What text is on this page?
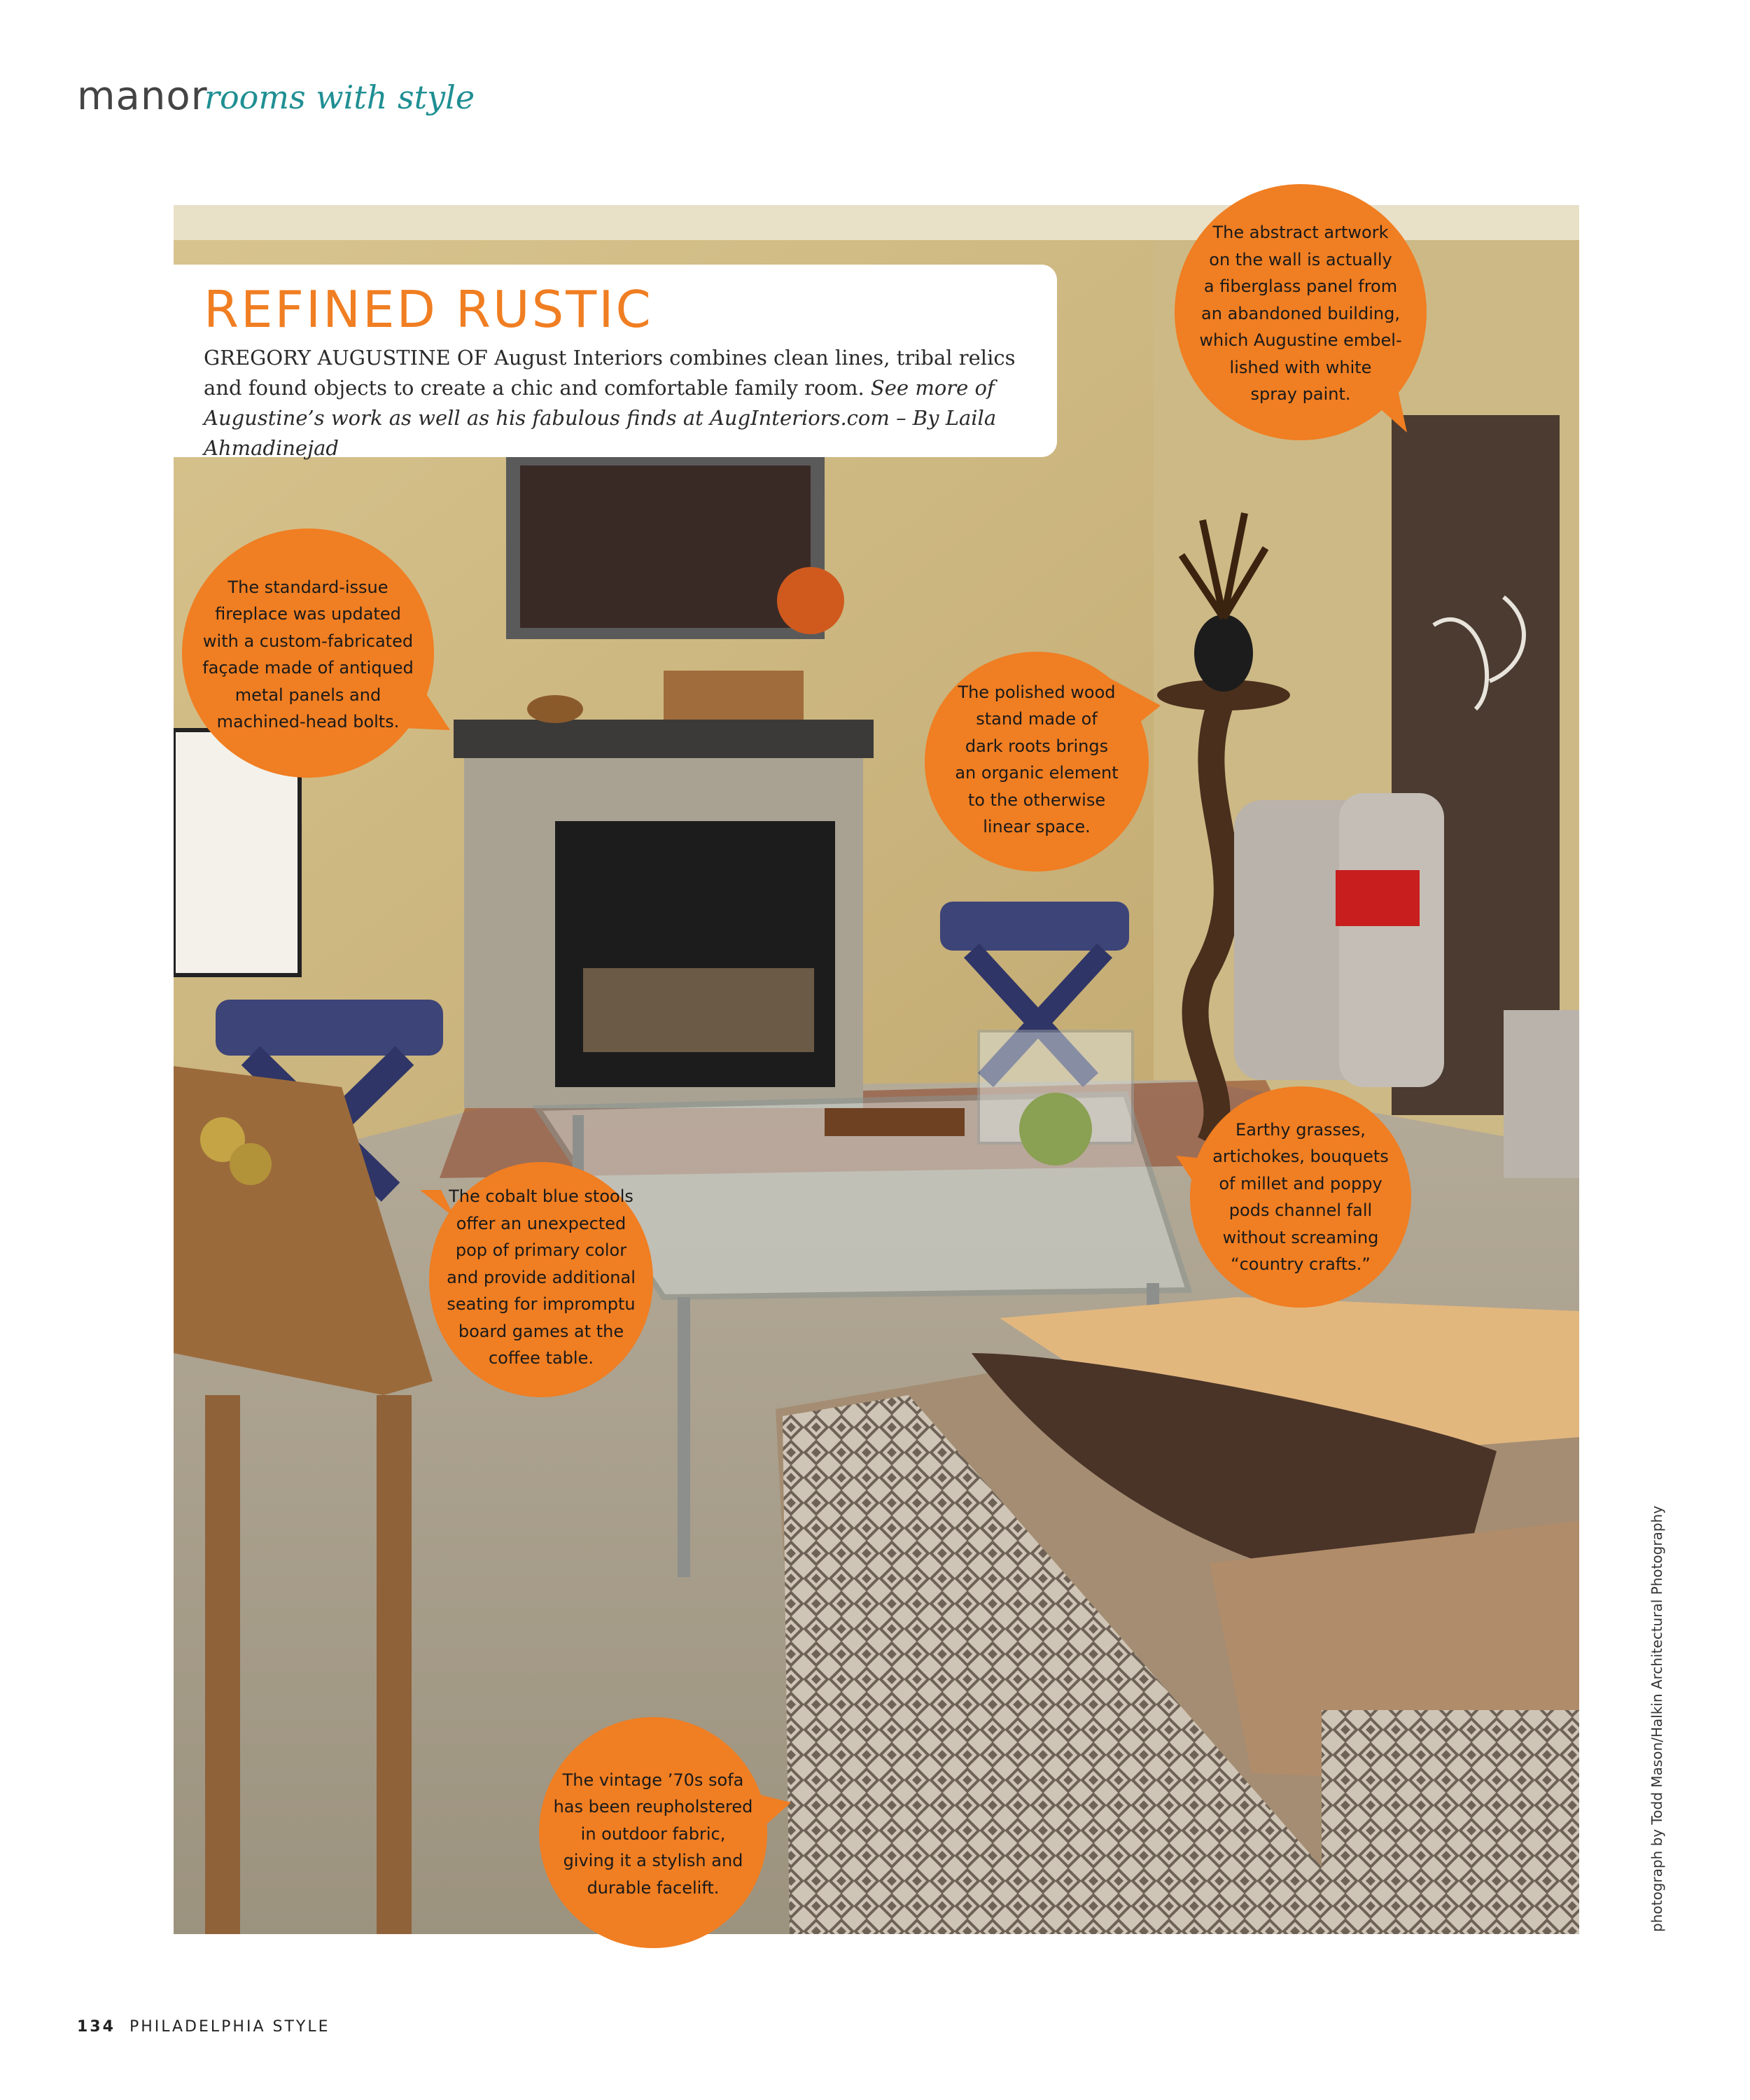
manor
rooms with style
REFINED RUSTIC
GREGORY AUGUSTINE OF August Interiors combines clean lines, tribal relics and found objects to create a chic and comfortable family room. See more of Augustine’s work as well as his fabulous finds at AugInteriors.com – By Laila Ahmadinejad
The abstract artwork
on the wall is actually
a fiberglass panel from
an abandoned building,
which Augustine embel-
lished with white
spray paint.
The standard-issue
fireplace was updated
with a custom-fabricated
façade made of antiqued
metal panels and
machined-head bolts.
The polished wood
stand made of
dark roots brings
an organic element
to the otherwise
linear space.
Earthy grasses,
artichokes, bouquets
of millet and poppy
pods channel fall
without screaming
“country crafts.”
The cobalt blue stools
offer an unexpected
pop of primary color
and provide additional
seating for impromptu
board games at the
coffee table.
The vintage ’70s sofa
has been reupholstered
in outdoor fabric,
giving it a stylish and
durable facelift.	photograph by Todd Mason/Halkin Architectural Photography
134 PHILADELPHIA STYLE
